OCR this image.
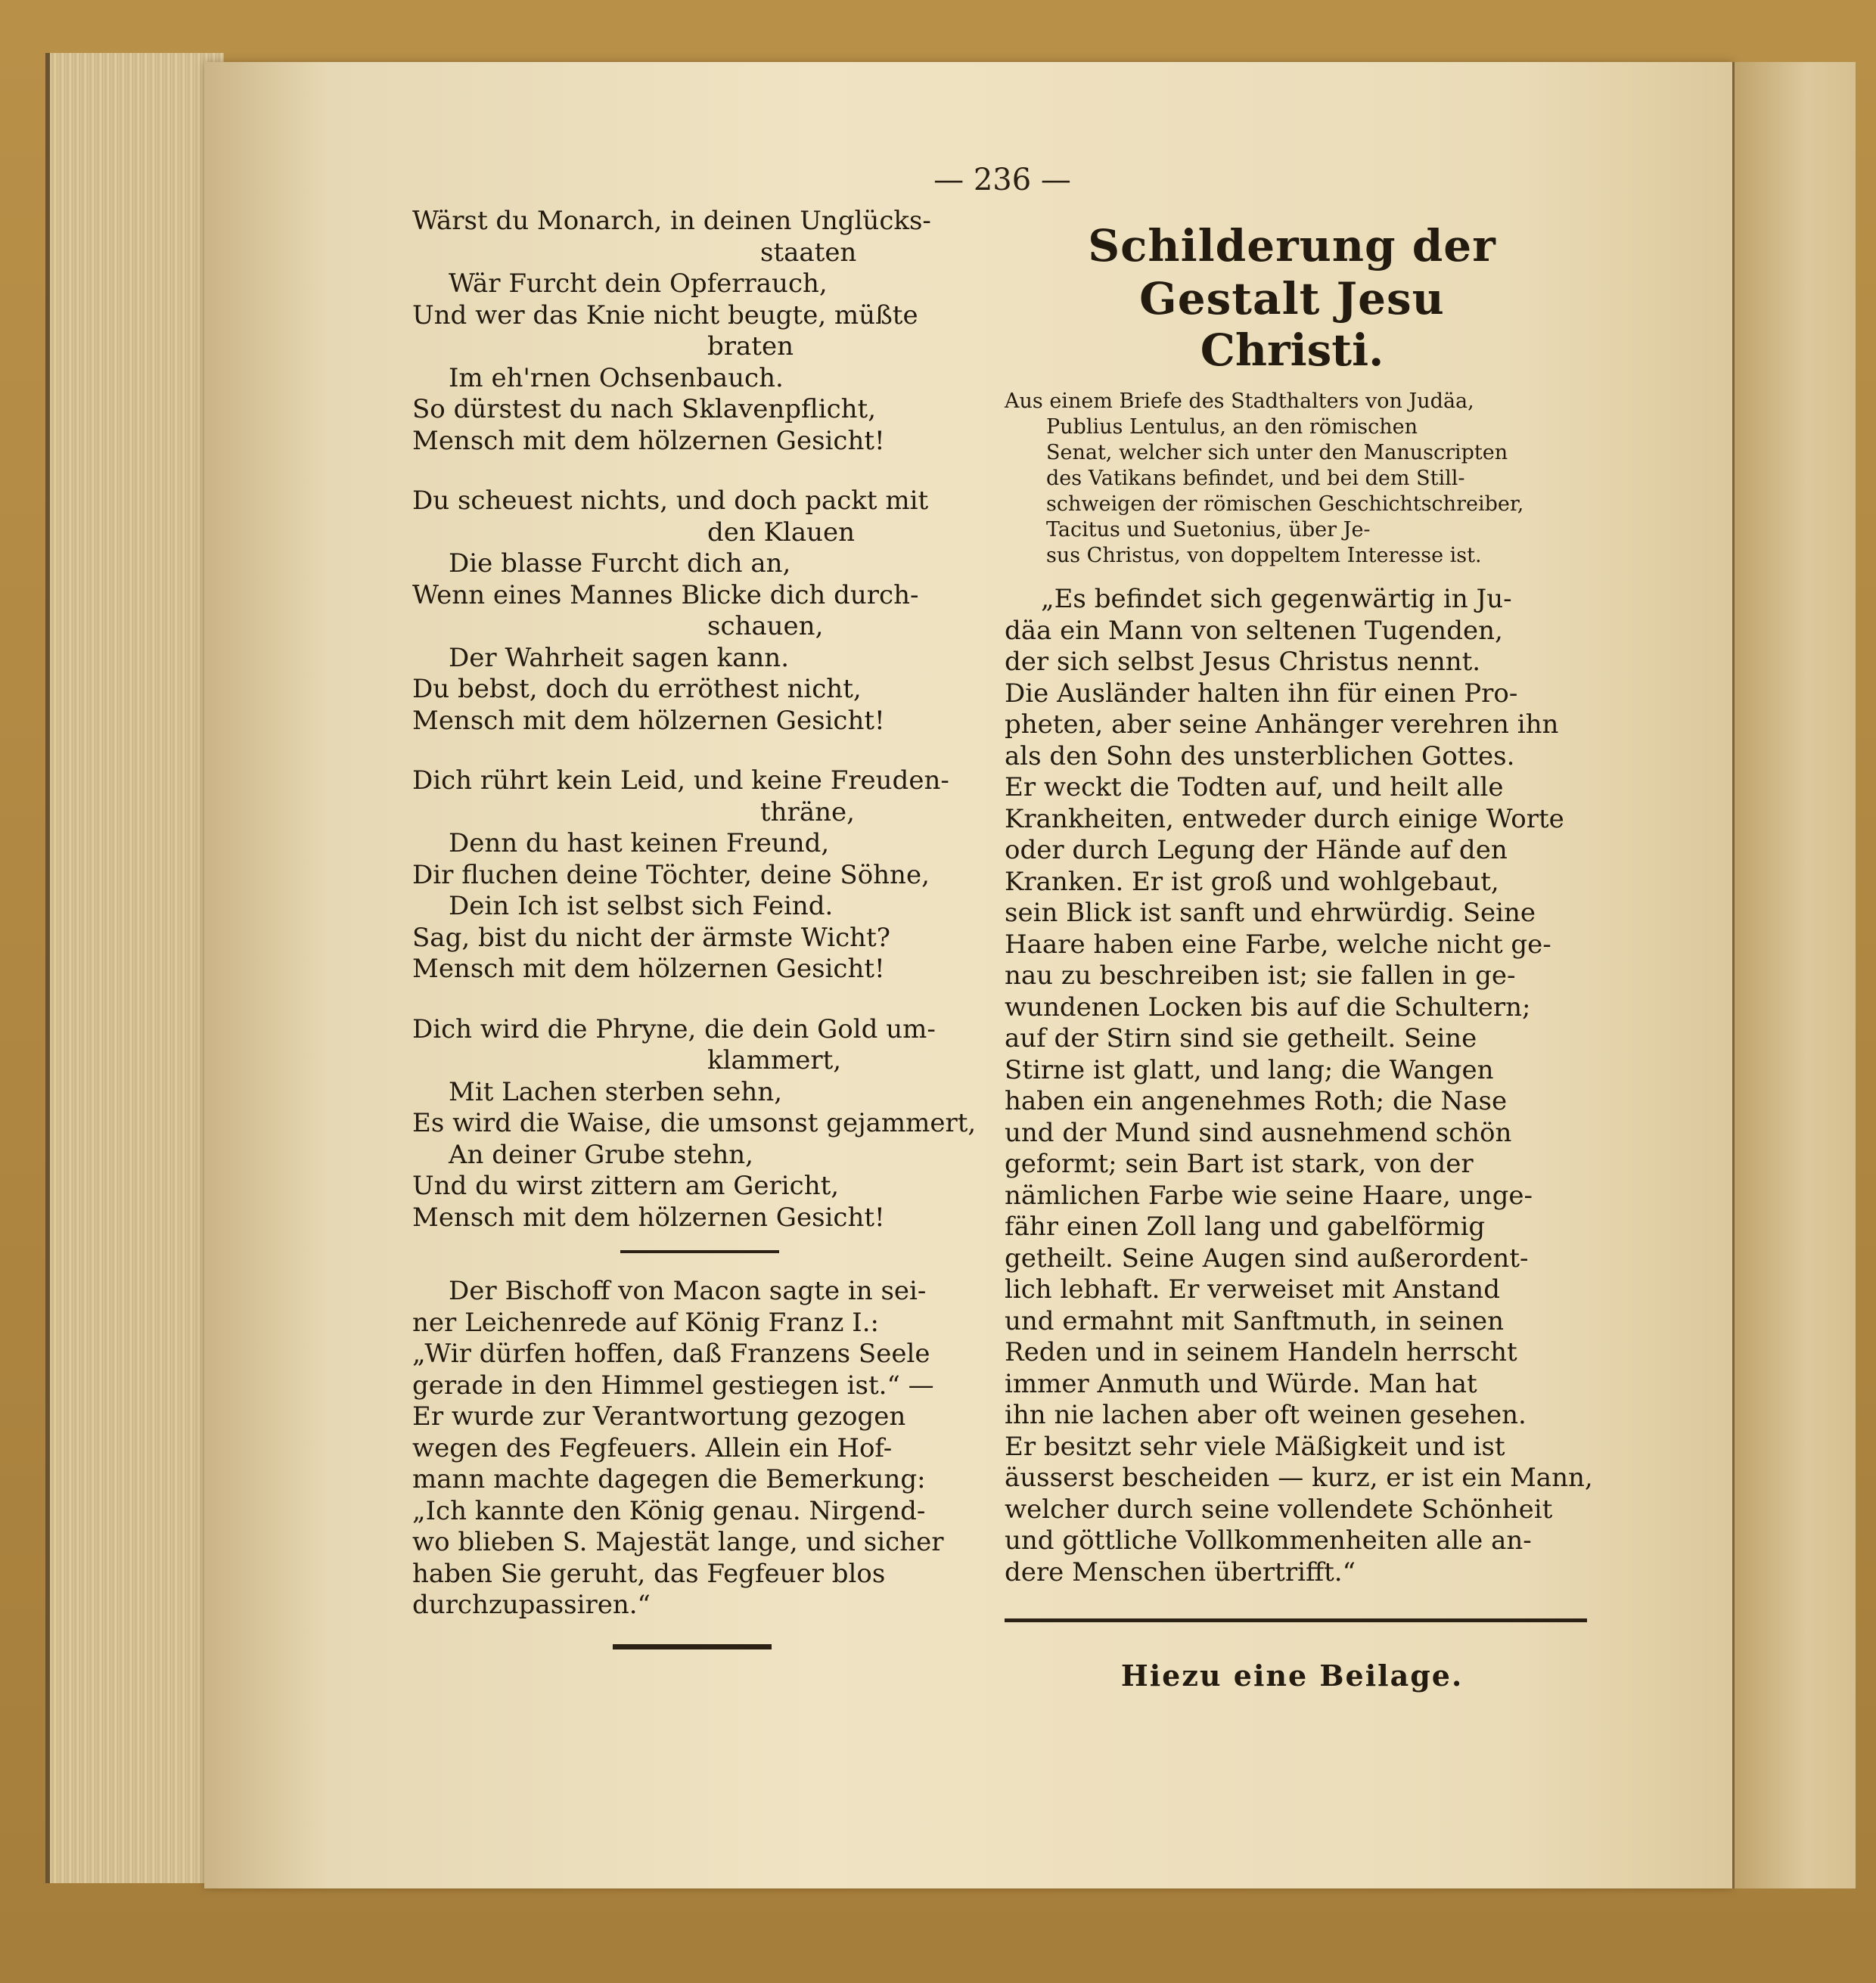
— 236 —
Wärst du Monarch, in deinen Unglücks-
staaten
Wär Furcht dein Opferrauch,
Und wer das Knie nicht beugte, müßte
braten
Im eh'rnen Ochsenbauch.
So dürstest du nach Sklavenpflicht,
Mensch mit dem hölzernen Gesicht!
Du scheuest nichts, und doch packt mit
den Klauen
Die blasse Furcht dich an,
Wenn eines Mannes Blicke dich durch-
schauen,
Der Wahrheit sagen kann.
Du bebst, doch du erröthest nicht,
Mensch mit dem hölzernen Gesicht!
Dich rührt kein Leid, und keine Freuden-
thräne,
Denn du hast keinen Freund,
Dir fluchen deine Töchter, deine Söhne,
Dein Ich ist selbst sich Feind.
Sag, bist du nicht der ärmste Wicht?
Mensch mit dem hölzernen Gesicht!
Dich wird die Phryne, die dein Gold um-
klammert,
Mit Lachen sterben sehn,
Es wird die Waise, die umsonst gejammert,
An deiner Grube stehn,
Und du wirst zittern am Gericht,
Mensch mit dem hölzernen Gesicht!
Der Bischoff von Macon sagte in sei-
ner Leichenrede auf König Franz I.:
„Wir dürfen hoffen, daß Franzens Seele
gerade in den Himmel gestiegen ist.“ —
Er wurde zur Verantwortung gezogen
wegen des Fegfeuers. Allein ein Hof-
mann machte dagegen die Bemerkung:
„Ich kannte den König genau. Nirgend-
wo blieben S. Majestät lange, und sicher
haben Sie geruht, das Fegfeuer blos
durchzupassiren.“
Schilderung der Gestalt Jesu
Christi.
Aus einem Briefe des Stadthalters von Judäa,
Publius Lentulus, an den römischen
Senat, welcher sich unter den Manuscripten
des Vatikans befindet, und bei dem Still-
schweigen der römischen Geschichtschreiber,
Tacitus und Suetonius, über Je-
sus Christus, von doppeltem Interesse ist.
„Es befindet sich gegenwärtig in Ju-
däa ein Mann von seltenen Tugenden,
der sich selbst Jesus Christus nennt.
Die Ausländer halten ihn für einen Pro-
pheten, aber seine Anhänger verehren ihn
als den Sohn des unsterblichen Gottes.
Er weckt die Todten auf, und heilt alle
Krankheiten, entweder durch einige Worte
oder durch Legung der Hände auf den
Kranken. Er ist groß und wohlgebaut,
sein Blick ist sanft und ehrwürdig. Seine
Haare haben eine Farbe, welche nicht ge-
nau zu beschreiben ist; sie fallen in ge-
wundenen Locken bis auf die Schultern;
auf der Stirn sind sie getheilt. Seine
Stirne ist glatt, und lang; die Wangen
haben ein angenehmes Roth; die Nase
und der Mund sind ausnehmend schön
geformt; sein Bart ist stark, von der
nämlichen Farbe wie seine Haare, unge-
fähr einen Zoll lang und gabelförmig
getheilt. Seine Augen sind außerordent-
lich lebhaft. Er verweiset mit Anstand
und ermahnt mit Sanftmuth, in seinen
Reden und in seinem Handeln herrscht
immer Anmuth und Würde. Man hat
ihn nie lachen aber oft weinen gesehen.
Er besitzt sehr viele Mäßigkeit und ist
äusserst bescheiden — kurz, er ist ein Mann,
welcher durch seine vollendete Schönheit
und göttliche Vollkommenheiten alle an-
dere Menschen übertrifft.“
Hiezu eine Beilage.
